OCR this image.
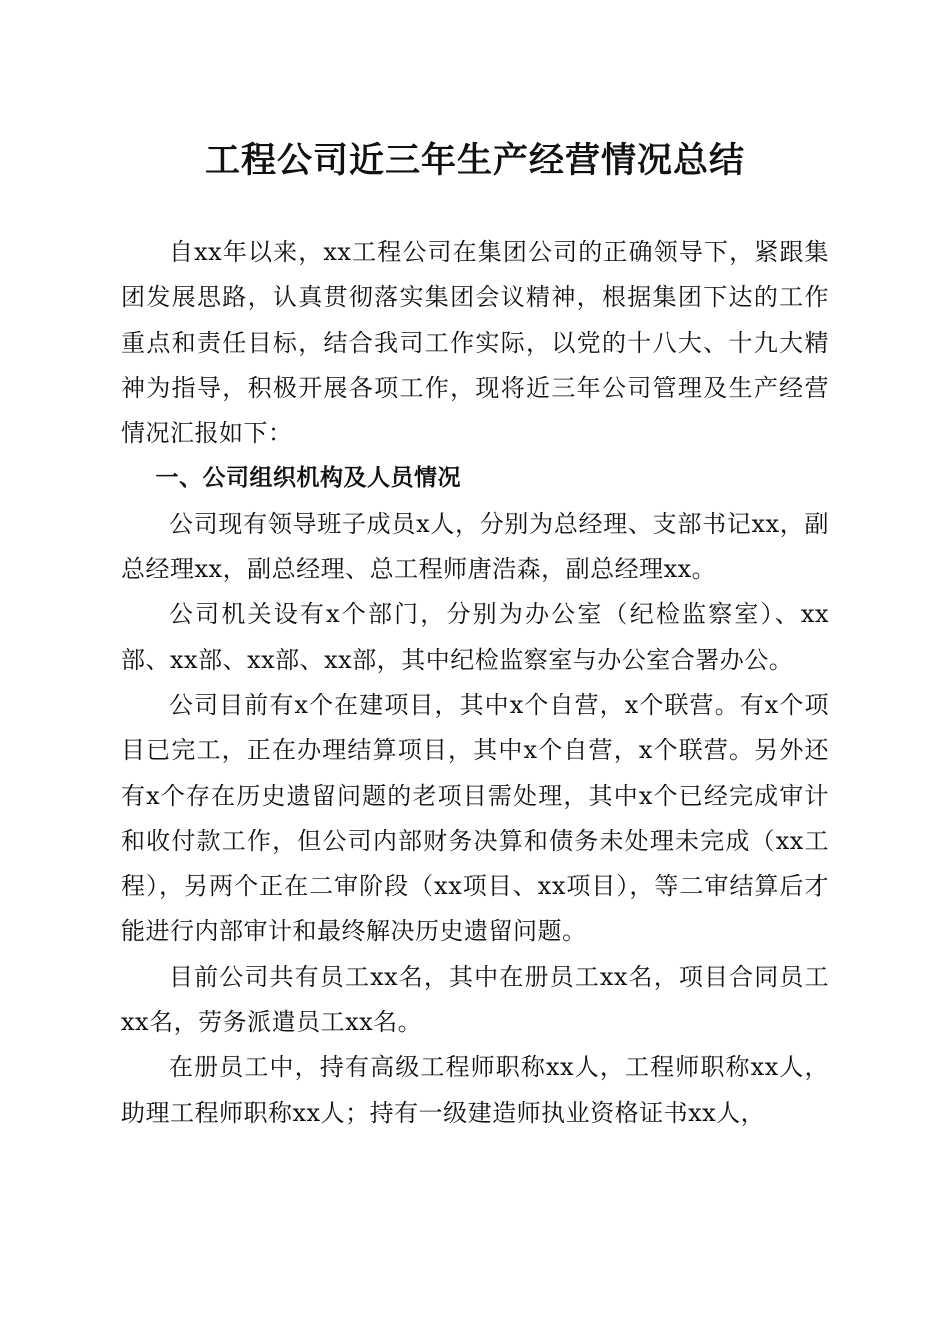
工程公司近三年生产经营情况总结

自xx年以来，xx工程公司在集团公司的正确领导下，紧跟集团发展思路，认真贯彻落实集团会议精神，根据集团下达的工作重点和责任目标，结合我司工作实际，以党的十八大、十九大精神为指导，积极开展各项工作，现将近三年公司管理及生产经营情况汇报如下：

一、公司组织机构及人员情况

公司现有领导班子成员x人，分别为总经理、支部书记xx，副总经理xx，副总经理、总工程师唐浩森，副总经理xx。

公司机关设有x个部门，分别为办公室（纪检监察室）、xx部、xx部、xx部、xx部，其中纪检监察室与办公室合署办公。

公司目前有x个在建项目，其中x个自营，x个联营。有x个项目已完工，正在办理结算项目，其中x个自营，x个联营。另外还有x个存在历史遗留问题的老项目需处理，其中x个已经完成审计和收付款工作，但公司内部财务决算和债务未处理未完成（xx工程），另两个正在二审阶段（xx项目、xx项目），等二审结算后才能进行内部审计和最终解决历史遗留问题。

目前公司共有员工xx名，其中在册员工xx名，项目合同员工xx名，劳务派遣员工xx名。

在册员工中，持有高级工程师职称xx人，工程师职称xx人，助理工程师职称xx人；持有一级建造师执业资格证书xx人，
